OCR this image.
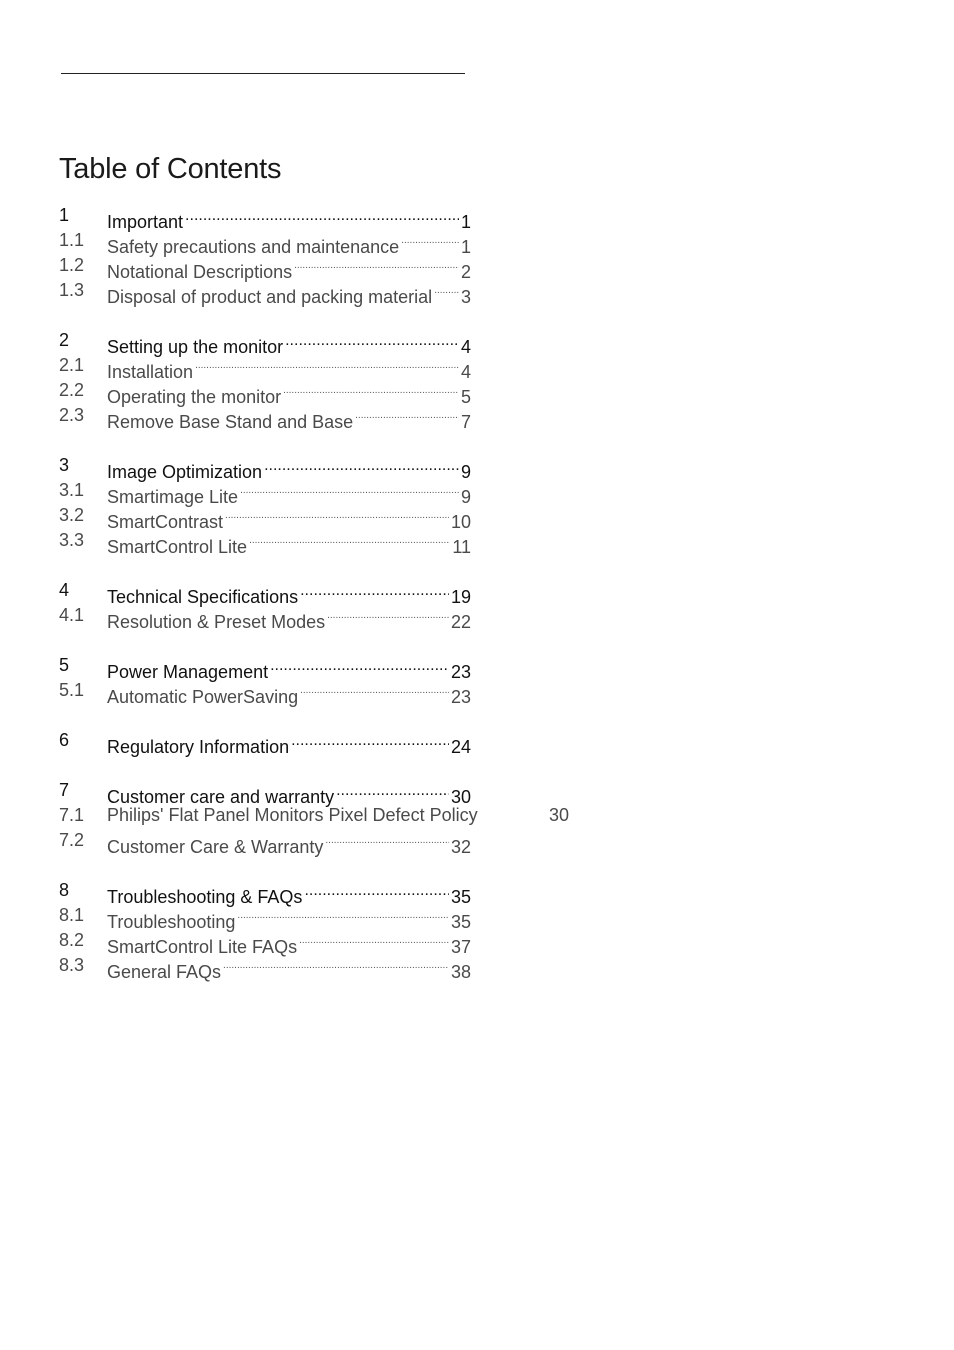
Table of Contents
1	Important .....	1
1.1	Safety precautions and maintenance .....	1
1.2	Notational Descriptions .....	2
1.3	Disposal of product and packing material ..... 3
2	Setting up the monitor .....	4
2.1	Installation .....	4
2.2	Operating the monitor .....	5
2.3	Remove Base Stand and Base .....	7
3	Image Optimization .....	9
3.1	Smartimage Lite .....	9
3.2	SmartContrast .....	10
3.3	SmartControl Lite .....	11
4	Technical Specifications .....	19
4.1	Resolution & Preset Modes .....	22
5	Power Management .....	23
5.1	Automatic PowerSaving .....	23
6	Regulatory Information .....	24
7	Customer care and warranty .....	30
7.1	Philips' Flat Panel Monitors Pixel Defect Policy	30
7.2	Customer Care & Warranty .....	32
8	Troubleshooting & FAQs .....	35
8.1	Troubleshooting .....	35
8.2	SmartControl Lite FAQs .....	37
8.3	General FAQs .....	38
